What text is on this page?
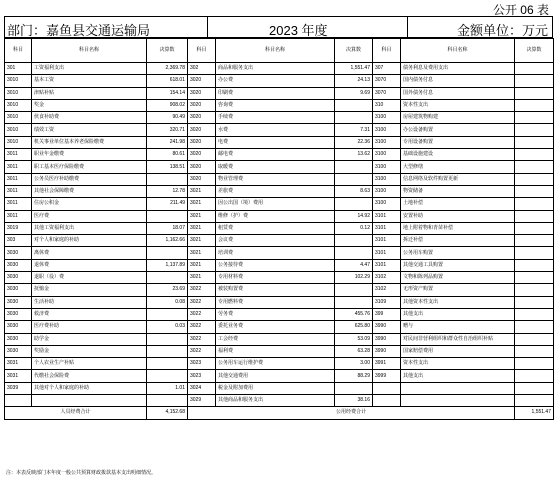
公开 06 表
部门：嘉鱼县交通运输局	2023 年度	金额单位：万元
科目	科目名称	决算数	科目	科目名称	决算数	科目	科目名称	决算数
301	工资福利支出	2,369.78	302	商品和服务支出	1,551.47	307	债务利息及费用支出	
3010	基本工资	618.01	3020	办公费	24.13	3070	国内债务付息	
3010	津贴补贴	154.14	3020	印刷费	9.69	3070	国外债务付息	
3010	奖金	908.02	3020	咨询费		310	资本性支出	
3010	伙食补助费	90.49	3020	手续费		3100	房屋建筑物购建	
3010	绩效工资	320.71	3020	水费	7.31	3100	办公设备购置	
3010	机关事业单位基本养老保险缴费	241.98	3020	电费	22.36	3100	专用设备购置	
3011	职业年金缴费	80.61	3020	邮电费	13.62	3100	基础设施建设	
3011	职工基本医疗保险缴费	138.51	3020	取暖费		3100	大型修缮	
3011	公务员医疗补助缴费		3020	物业管理费		3100	信息网络及软件购置更新	
3011	其他社会保障缴费	12.78	3021	差旅费	8.63	3100	物资储备	
3011	住房公积金	211.49	3021	因公出国（境）费用		3100	土地补偿	
3011	医疗费		3021	维修（护）费	14.92	3101	安置补助	
3019	其他工资福利支出	18.07	3021	租赁费	0.12	3101	地上附着物和青苗补偿	
303	对个人和家庭的补助	1,162.66	3021	会议费		3101	拆迁补偿	
3030	离休费		3021	培训费		3101	公务用车购置	
3030	退休费	1,137.89	3021	公务接待费	4.47	3101	其他交通工具购置	
3030	退职（役）费		3021	专用材料费	102.29	3102	文物和陈列品购置	
3030	抚恤金	23.69	3022	被装购置费		3102	无形资产购置	
3030	生活补助	0.08	3022	专用燃料费		3109	其他资本性支出	
3030	救济费		3022	劳务费	455.76	399	其他支出	
3030	医疗费补助	0.03	3022	委托业务费	625.80	3990	赠与	
3030	助学金		3022	工会经费	53.09	3990	对民间非营利组织和群众性自治组织补贴	
3030	奖励金		3022	福利费	63.28	3990	国家赔偿费用	
3031	个人农业生产补贴		3023	公务用车运行维护费	3.00	3991	资本性支出	
3031	代缴社会保险费		3023	其他交通费用	88.29	3999	其他支出	
3039	其他对个人和家庭的补助	1.01	3024	税金及附加费用				
			3029	其他商品和服务支出	38.16			
人员经费合计		4,152.68	公用经费合计					1,551.47
注：本表反映部门本年度一般公共预算财政拨款基本支出明细情况。
